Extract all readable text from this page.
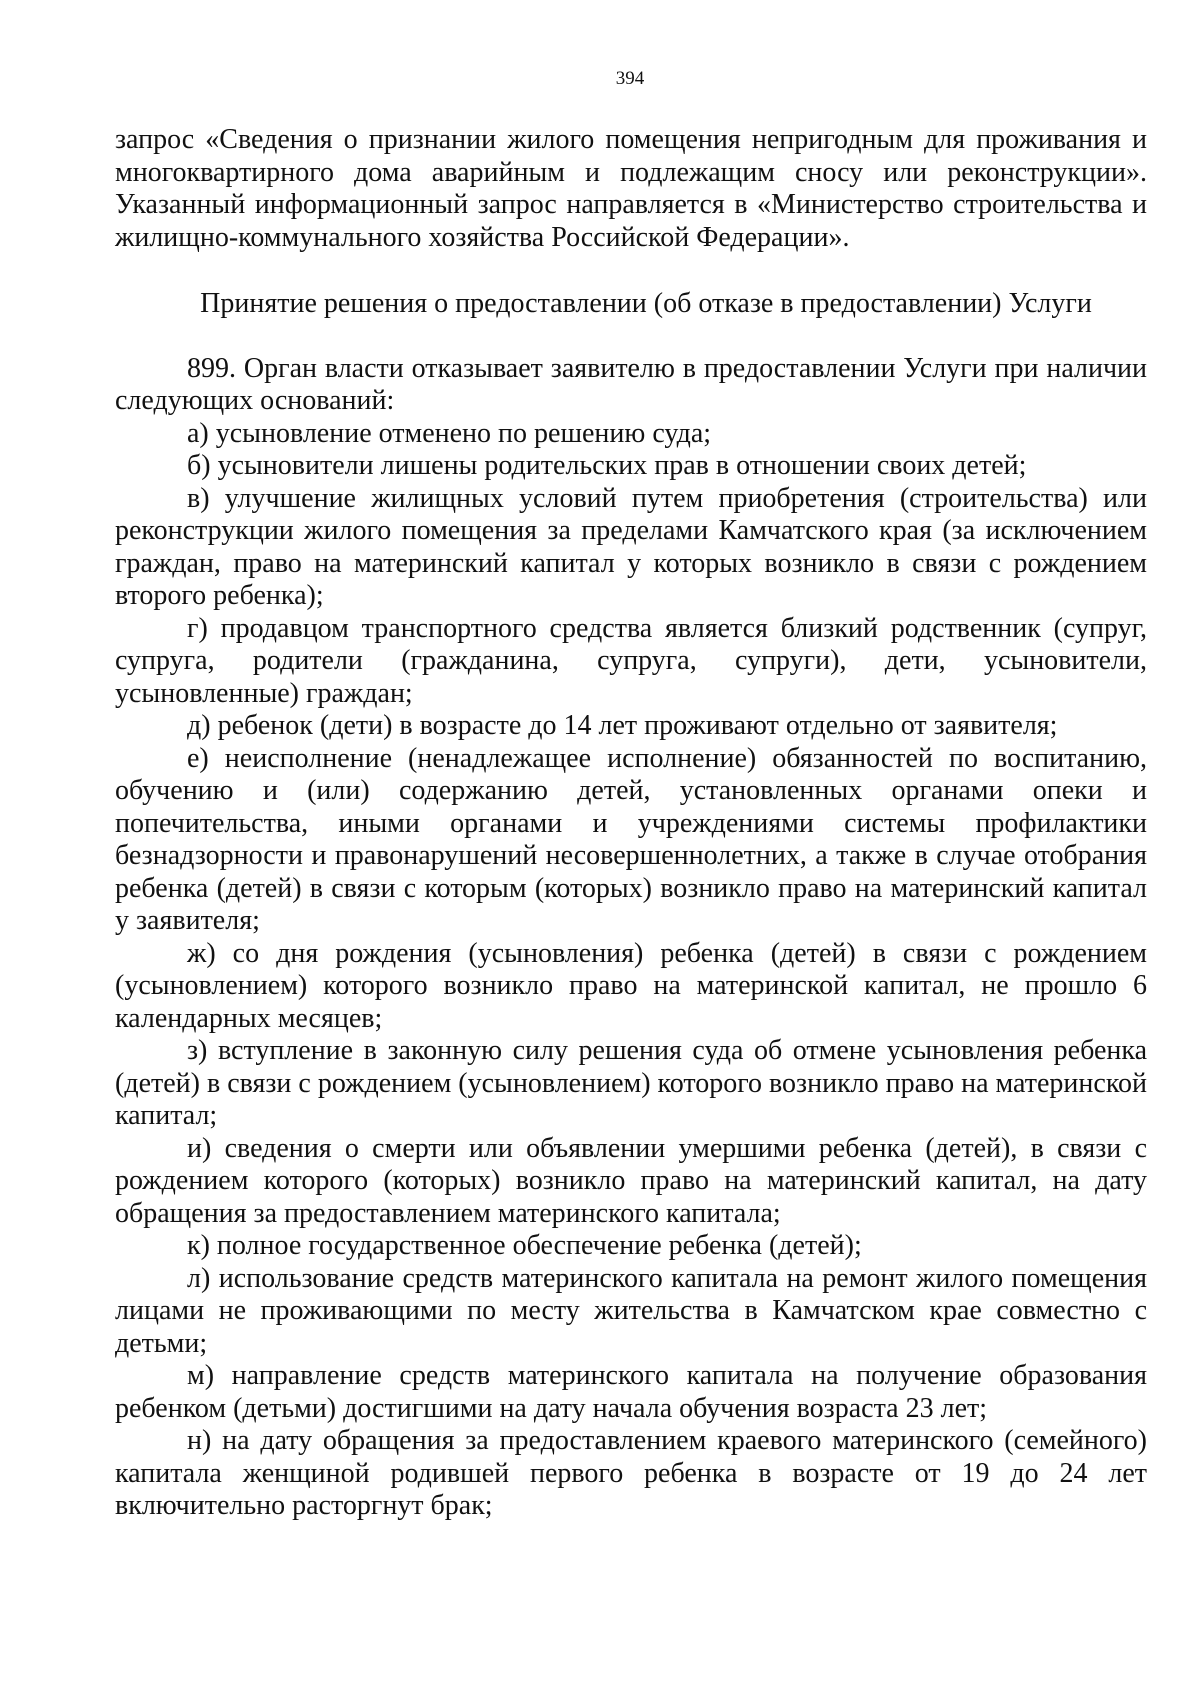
394

запрос «Сведения о признании жилого помещения непригодным для проживания и многоквартирного дома аварийным и подлежащим сносу или реконструкции». Указанный информационный запрос направляется в «Министерство строительства и жилищно-коммунального хозяйства Российской Федерации».

Принятие решения о предоставлении (об отказе в предоставлении) Услуги

899. Орган власти отказывает заявителю в предоставлении Услуги при наличии следующих оснований:

а) усыновление отменено по решению суда;

б) усыновители лишены родительских прав в отношении своих детей;

в) улучшение жилищных условий путем приобретения (строительства) или реконструкции жилого помещения за пределами Камчатского края (за исключением граждан, право на материнский капитал у которых возникло в связи с рождением второго ребенка);

г) продавцом транспортного средства является близкий родственник (супруг, супруга, родители (гражданина, супруга, супруги), дети, усыновители, усыновленные) граждан;

д) ребенок (дети) в возрасте до 14 лет проживают отдельно от заявителя;

е) неисполнение (ненадлежащее исполнение) обязанностей по воспитанию, обучению и (или) содержанию детей, установленных органами опеки и попечительства, иными органами и учреждениями системы профилактики безнадзорности и правонарушений несовершеннолетних, а также в случае отобрания ребенка (детей) в связи с которым (которых) возникло право на материнский капитал у заявителя;

ж) со дня рождения (усыновления) ребенка (детей) в связи с рождением (усыновлением) которого возникло право на материнской капитал, не прошло 6 календарных месяцев;

з) вступление в законную силу решения суда об отмене усыновления ребенка (детей) в связи с рождением (усыновлением) которого возникло право на материнской капитал;

и) сведения о смерти или объявлении умершими ребенка (детей), в связи с рождением которого (которых) возникло право на материнский капитал, на дату обращения за предоставлением материнского капитала;

к) полное государственное обеспечение ребенка (детей);

л) использование средств материнского капитала на ремонт жилого помещения лицами не проживающими по месту жительства в Камчатском крае совместно с детьми;

м) направление средств материнского капитала на получение образования ребенком (детьми) достигшими на дату начала обучения возраста 23 лет;

н) на дату обращения за предоставлением краевого материнского (семейного) капитала женщиной родившей первого ребенка в возрасте от 19 до 24 лет включительно расторгнут брак;
